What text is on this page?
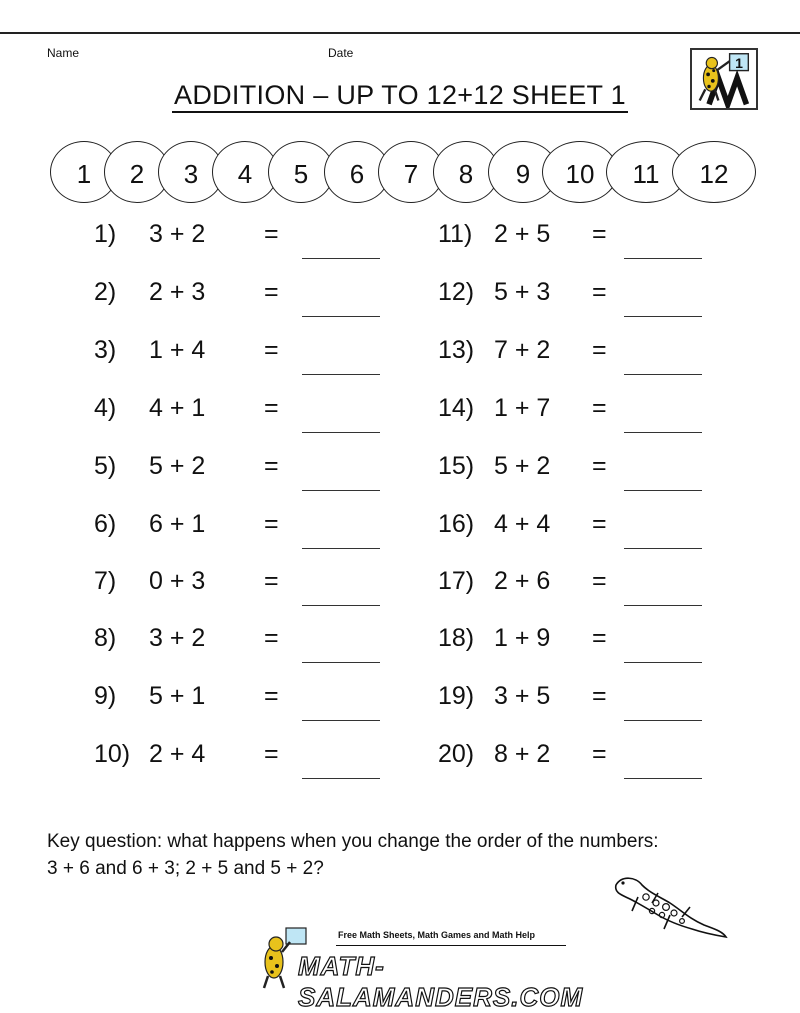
Name	Date
1
ADDITION – UP TO 12+12 SHEET 1
1 2 3 4 5 6 7 8 9 10 11 12
1) 3 + 2 =
2) 2 + 3 =
3) 1 + 4 =
4) 4 + 1 =
5) 5 + 2 =
6) 6 + 1 =
7) 0 + 3 =
8) 3 + 2 =
9) 5 + 1 =
10) 2 + 4 =
11) 2 + 5 =
12) 5 + 3 =
13) 7 + 2 =
14) 1 + 7 =
15) 5 + 2 =
16) 4 + 4 =
17) 2 + 6 =
18) 1 + 9 =
19) 3 + 5 =
20) 8 + 2 =
Key question: what happens when you change the order of the numbers:
3 + 6 and 6 + 3; 2 + 5 and 5 + 2?
Free Math Sheets, Math Games and Math Help
MATH-SALAMANDERS.COM
